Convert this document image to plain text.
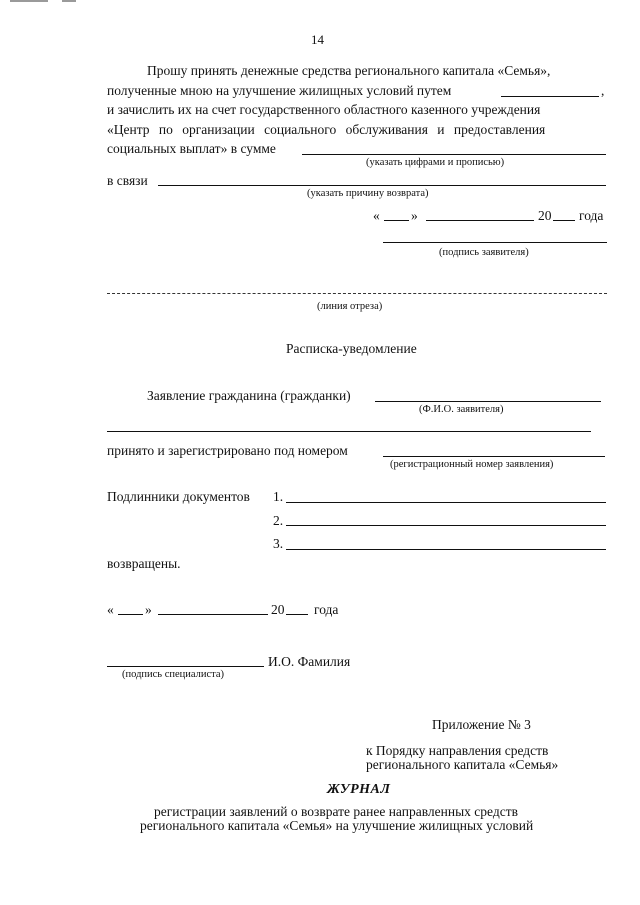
14
Прошу принять денежные средства регионального капитала «Семья»,
полученные мною на улучшение жилищных условий путем	,
и зачислить их на счет государственного областного казенного учреждения
«Центр по организации социального обслуживания и предоставления
социальных выплат» в сумме
(указать цифрами и прописью)
в связи
(указать причину возврата)
« »	20 года
(подпись заявителя)
(линия отреза)
Расписка-уведомление
Заявление гражданина (гражданки)
(Ф.И.О. заявителя)
принято и зарегистрировано под номером
(регистрационный номер заявления)
Подлинники документов 1.
2.
3.
возвращены.
« »	20 года
И.О. Фамилия
(подпись специалиста)
Приложение № 3
к Порядку направления средств
регионального капитала «Семья»
ЖУРНАЛ
регистрации заявлений о возврате ранее направленных средств
регионального капитала «Семья» на улучшение жилищных условий
